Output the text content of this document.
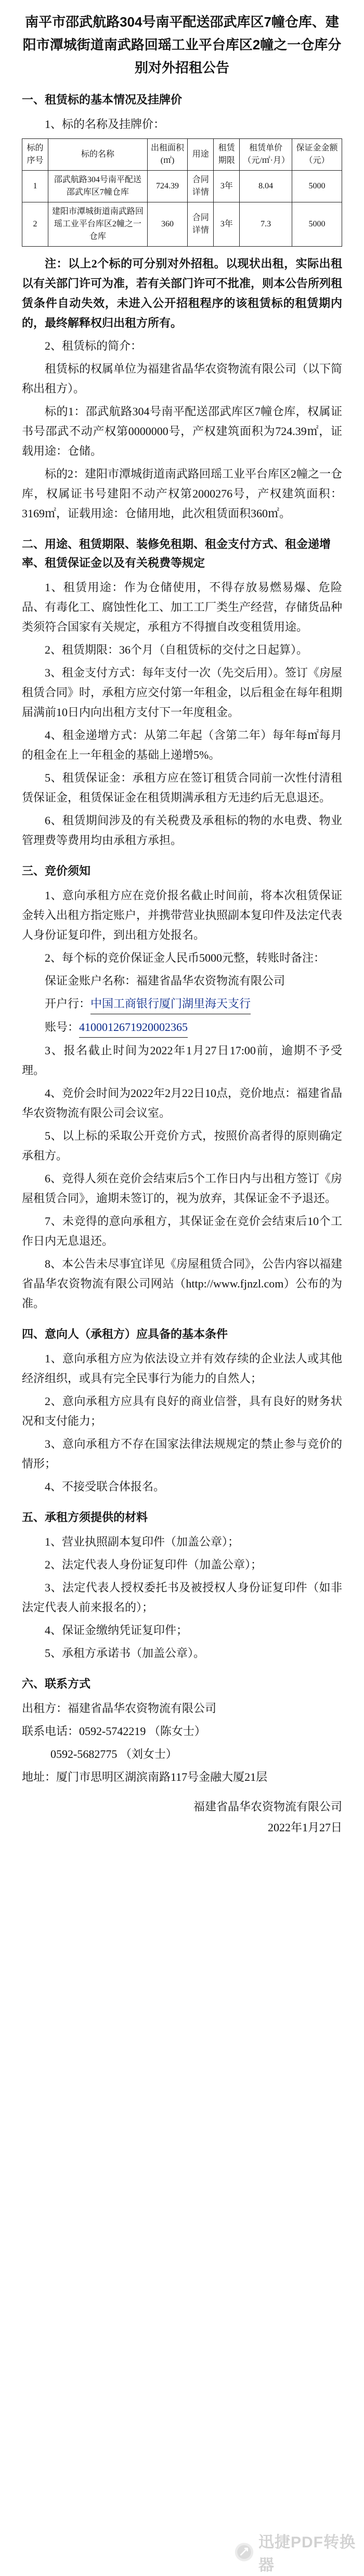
南平市邵武航路304号南平配送邵武库区7幢仓库、建阳市潭城街道南武路回瑶工业平台库区2幢之一仓库分别对外招租公告
一、租赁标的基本情况及挂牌价
1、标的名称及挂牌价：
标的序号	标的名称	出租面积(㎡)	用途	租赁期限	租赁单价（元/㎡·月）	保证金金额（元）
1	邵武航路304号南平配送邵武库区7幢仓库	724.39	合同详情	3年	8.04	5000
2	建阳市潭城街道南武路回瑶工业平台库区2幢之一仓库	360	合同详情	3年	7.3	5000
注：以上2个标的可分别对外招租。以现状出租，实际出租以有关部门许可为准，若有关部门许可不批准，则本公告所列租赁条件自动失效，未进入公开招租程序的该租赁标的租赁期内的，最终解释权归出租方所有。
2、租赁标的简介：
租赁标的权属单位为福建省晶华农资物流有限公司（以下简称出租方）。
标的1：邵武航路304号南平配送邵武库区7幢仓库，权属证书号邵武不动产权第0000000号，产权建筑面积为724.39㎡，证载用途：仓储。
标的2：建阳市潭城街道南武路回瑶工业平台库区2幢之一仓库，权属证书号建阳不动产权第2000276号，产权建筑面积：3169㎡，证载用途：仓储用地，此次租赁面积360㎡。
二、用途、租赁期限、装修免租期、租金支付方式、租金递增率、租赁保证金以及有关税费等规定
1、租赁用途：作为仓储使用，不得存放易燃易爆、危险品、有毒化工、腐蚀性化工、加工工厂类生产经营，存储货品种类须符合国家有关规定，承租方不得擅自改变租赁用途。
2、租赁期限：36个月（自租赁标的交付之日起算）。
3、租金支付方式：每年支付一次（先交后用）。签订《房屋租赁合同》时，承租方应交付第一年租金，以后租金在每年租期届满前10日内向出租方支付下一年度租金。
4、租金递增方式：从第二年起（含第二年）每年每㎡每月的租金在上一年租金的基础上递增5%。
5、租赁保证金：承租方应在签订租赁合同前一次性付清租赁保证金，租赁保证金在租赁期满承租方无违约后无息退还。
6、租赁期间涉及的有关税费及承租标的物的水电费、物业管理费等费用均由承租方承担。
三、竞价须知
1、意向承租方应在竞价报名截止时间前，将本次租赁保证金转入出租方指定账户，并携带营业执照副本复印件及法定代表人身份证复印件，到出租方处报名。
2、每个标的竞价保证金人民币5000元整，转账时备注：
保证金账户名称：福建省晶华农资物流有限公司
开户行：中国工商银行厦门湖里海天支行
账号：4100012671920002365
3、报名截止时间为2022年1月27日17:00前，逾期不予受理。
4、竞价会时间为2022年2月22日10点，竞价地点：福建省晶华农资物流有限公司会议室。
5、以上标的采取公开竞价方式，按照价高者得的原则确定承租方。
6、竞得人须在竞价会结束后5个工作日内与出租方签订《房屋租赁合同》，逾期未签订的，视为放弃，其保证金不予退还。
7、未竞得的意向承租方，其保证金在竞价会结束后10个工作日内无息退还。
8、本公告未尽事宜详见《房屋租赁合同》，公告内容以福建省晶华农资物流有限公司网站（http://www.fjnzl.com）公布的为准。
四、意向人（承租方）应具备的基本条件
1、意向承租方应为依法设立并有效存续的企业法人或其他经济组织，或具有完全民事行为能力的自然人；
2、意向承租方应具有良好的商业信誉，具有良好的财务状况和支付能力；
3、意向承租方不存在国家法律法规规定的禁止参与竞价的情形；
4、不接受联合体报名。
五、承租方须提供的材料
1、营业执照副本复印件（加盖公章）；
2、法定代表人身份证复印件（加盖公章）；
3、法定代表人授权委托书及被授权人身份证复印件（如非法定代表人前来报名的）；
4、保证金缴纳凭证复印件；
5、承租方承诺书（加盖公章）。
六、联系方式
出租方：福建省晶华农资物流有限公司
联系电话：0592-5742219 （陈女士）
0592-5682775 （刘女士）
地址：厦门市思明区湖滨南路117号金融大厦21层
福建省晶华农资物流有限公司
2022年1月27日
迅捷PDF转换器
